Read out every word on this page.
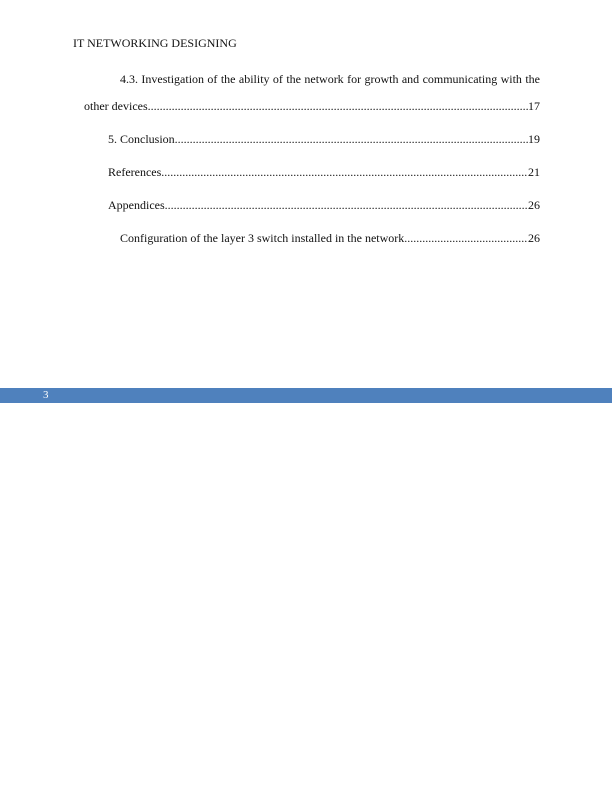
IT NETWORKING DESIGNING
4.3. Investigation of the ability of the network for growth and communicating with the
other devices .....	17
5. Conclusion .....	19
References .....	21
Appendices .....	26
Configuration of the layer 3 switch installed in the network .....	26
3
